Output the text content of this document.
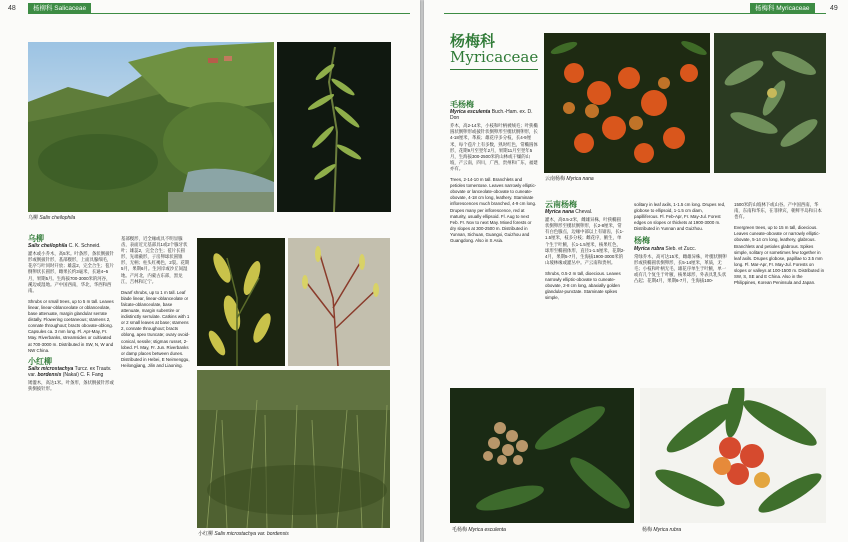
48	杨柳科 Salicaceae
乌柳 Salix cheilophila
乌柳
Salix cheilophila C. K. Schneid.

灌木或小乔木，高5米。叶条形，条状倒披针形或倒披针形，基部楔形，上面具腺细毛，花序与叶同时开放；雄蕊2，完全合生；苞片倒卵状长圆形，雌果长约3毫米，长通4~5月，果期5月。生海拔700-3000米的河谷，溪边或湿地。产中国西南，华北，华西和西南。

Shrubs or small trees, up to 5 m tall. Leaves linear, linear-oblanceolate or oblanceolate, base attenuate, margin glandular serrate distally. Flowering coetaneous; stamens 2, connate throughout; bracts obovate-oblong. Capsules ca. 3 mm long. Fl. Apr-May, Fr. May. Riverbanks, streamsides or cultivated at 700-3000 m. Distributed in SW, N, W and NW China.

小红柳
Salix microstachya Turcz. ex Trautv. var. bordensis (Nakai) C. F. Fang

矮灌木，高达1米。叶条形，条状倒披针形或狭倒披针形。

基部楔形，近全缘或具不明显腺齿，表面近无基部具1或2个腺牙状叶；雄蕊2，完全合生；苞片长圆形，先端截形，子房卵球状圆锥形，无柄；柱头红褐色，2裂。花期5月，果期6月。生河岸或沙丘间湿地。产河北，内蒙古东部，黑龙江，吉林和辽宁。

Dwarf shrubs, up to 1 m tall. Leaf blade linear, linear-oblanceolate or falcate-oblanceolate, base attenuate, margin subentire or indistinctly serrulate. Catkins with 1 or 2 small leaves at base; stamens 2, connate throughout; bracts oblong, apex truncate; ovary ovoid-conical, sessile; stigmas russet, 2-lobed. Fl. May, Fr. Jun. Riverbanks or damp places between dunes. Distributed in Hebei, E Neimenggu, Heilongjiang, Jilin and Liaoning.

小红柳 Salix microstachya var. bordensis
杨梅科 Myricaceae	49
杨梅科
Myricaceae
云南杨梅 Myrica nana
毛杨梅
Myrica esculenta Buch.-Ham. ex. D. Don

乔木，高2-14米，小枝和叶柄被绒毛；叶狭椭圆状倒卵形或披针状倒卵形至楔状倒卵形，长4-18厘米，革质；雄花序多分枝，长4-9厘米，每个苞片上有多数，熟时红色，常椭圆体形，花期9月至翌年2月，果期11月至翌年5月，生海拔300-2500米的山林或干燥的山坡，产云南，四川，广西，贵州和广东，福建亦有。

Trees, 2-14-10 m tall. Branchlets and petioles tomentose. Leaves narrowly elliptic-obovate or lanceolate-obovate to cuneate-obovate, 4-18 cm long, leathery. Staminate inflorescences much branched, 4-9 cm long. Drupes many per inflorescence, red at maturity, usually ellipsoid. Fl. Aug to next Feb. Fr. Nov to next May. Mixed forests or dry slopes at 300-2500 m. Distributed in Yunnan, Sichuan, Guangxi, Guizhou and Guangdong. Also in S Asia.

云南杨梅
Myrica nana Cheval.

灌木，高0.5-2米，雌雄异株，叶狭椭圆状倒卵形至楔状倒卵形，长2-8厘米，常有白色腺点，边缘中部以上有锯齿，长1-1.5厘米，枝多分枝；雌花序，腋生，单个生于叶腋，长1-1.5厘米，核果红色，球形至椭圆体形，直径1-1.5厘米，花期2-4月，果期5-7月，生海拔1900-3000米的山坡林缘或灌丛中。产云南和贵州。

Shrubs, 0.5-2 m tall, dioecious. Leaves narrowly elliptic-obovate to cuneate-obovate, 2-8 cm long, abaxially golden glandular-punctate. Staminate spikes simple,

solitary in leaf axils, 1-1.5 cm long. Drupes red, globose to ellipsoid, 1-1.5 cm diam, papilliferous. Fl. Feb-Apr, Fr. May-Jul. Forest edges on slopes or thickets at 1900-3000 m. Distributed in Yunnan and Guizhou.

杨梅
Myrica rubra Sieb. et Zucc.

常绿乔木，高可达15米，雌雄异株，叶楔状倒卵形或狭椭圆状倒卵形，长5-14厘米，革质，无毛；小枝和叶柄无毛，雄花序单生于叶腋，单一或有几个复生于叶腋，核果球形，外表具乳头状凸起；花期4月，果期6-7月，生海拔100-

1500米的山坡林下或山谷。产中国西南，华南，东南和华东，在菲律宾，朝鲜半岛和日本也有。

Evergreen trees, up to 15 m tall, dioecious. Leaves cuneate-obovate or narrowly elliptic-obovate, 5-14 cm long, leathery, glabrous. Branchlets and petioles glabrous. Spikes simple, solitary or sometimes few together in leaf axils. Drupes globose, papillae to 3.5 mm long. Fl. Mar-Apr, Fr. May-Jul. Forests on slopes or valleys at 100-1500 m. Distributed in SW, S, SE and E China. Also in the Philippines, Korean Peninsula and Japan.

毛杨梅 Myrica esculenta	杨梅 Myrica rubra
